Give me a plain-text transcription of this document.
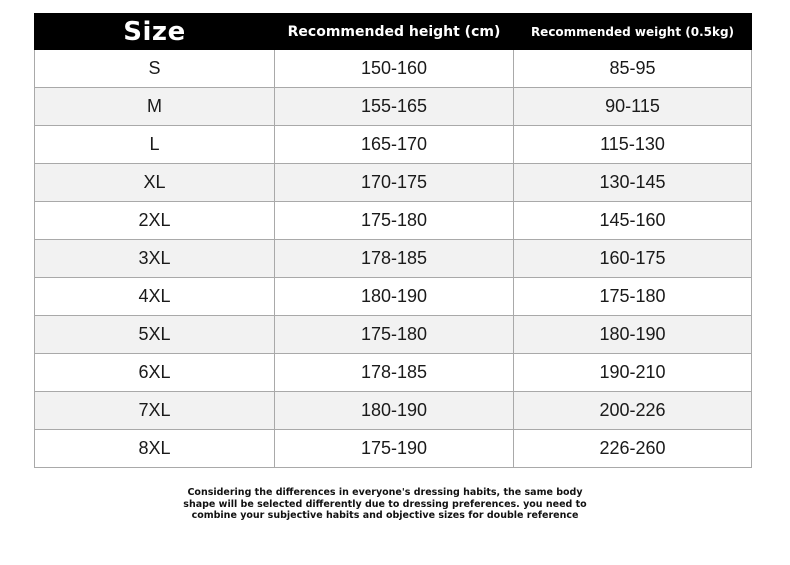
Size	Recommended height (cm)	Recommended weight (0.5kg)
S	150-160	85-95
M	155-165	90-115
L	165-170	115-130
XL	170-175	130-145
2XL	175-180	145-160
3XL	178-185	160-175
4XL	180-190	175-180
5XL	175-180	180-190
6XL	178-185	190-210
7XL	180-190	200-226
8XL	175-190	226-260

Considering the differences in everyone's dressing habits, the same body
shape will be selected differently due to dressing preferences. you need to
combine your subjective habits and objective sizes for double reference
